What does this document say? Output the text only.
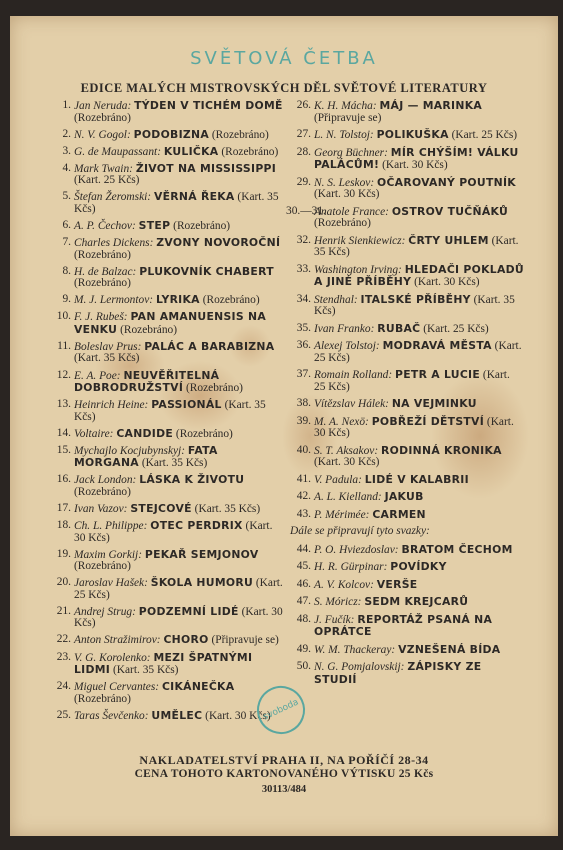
SVĚTOVÁ ČETBA
EDICE MALÝCH MISTROVSKÝCH DĚL SVĚTOVÉ LITERATURY
1. Jan Neruda: TÝDEN V TICHÉM DOMĚ (Rozebráno)
2. N. V. Gogol: PODOBIZNA (Rozebráno)
3. G. de Maupassant: KULIČKA (Rozebráno)
4. Mark Twain: ŽIVOT NA MISSISSIPPI (Kart. 25 Kčs)
5. Štefan Žeromski: VĚRNÁ ŘEKA (Kart. 35 Kčs)
6. A. P. Čechov: STEP (Rozebráno)
7. Charles Dickens: ZVONY NOVOROČNÍ (Rozebráno)
8. H. de Balzac: PLUKOVNÍK CHABERT (Rozebráno)
9. M. J. Lermontov: LYRIKA (Rozebráno)
10. F. J. Rubeš: PAN AMANUENSIS NA VENKU (Rozebráno)
11. Boleslav Prus: PALÁC A BARABIZNA (Kart. 35 Kčs)
12. E. A. Poe: NEUVĚŘITELNÁ DOBRODRUŽSTVÍ (Rozebráno)
13. Heinrich Heine: PASSIONÁL (Kart. 35 Kčs)
14. Voltaire: CANDIDE (Rozebráno)
15. Mychajlo Kocjubynskyj: FATA MORGANA (Kart. 35 Kčs)
16. Jack London: LÁSKA K ŽIVOTU (Rozebráno)
17. Ivan Vazov: STEJCOVÉ (Kart. 35 Kčs)
18. Ch. L. Philippe: OTEC PERDRIX (Kart. 30 Kčs)
19. Maxim Gorkij: PEKAŘ SEMJONOV (Rozebráno)
20. Jaroslav Hašek: ŠKOLA HUMORU (Kart. 25 Kčs)
21. Andrej Strug: PODZEMNÍ LIDÉ (Kart. 30 Kčs)
22. Anton Stražimirov: CHORO (Připravuje se)
23. V. G. Korolenko: MEZI ŠPATNÝMI LIDMI (Kart. 35 Kčs)
24. Miguel Cervantes: CIKÁNEČKA (Rozebráno)
25. Taras Ševčenko: UMĚLEC (Kart. 30 Kčs)
26. K. H. Mácha: MÁJ — MARINKA (Připravuje se)
27. L. N. Tolstoj: POLIKUŠKA (Kart. 25 Kčs)
28. Georg Büchner: MÍR CHÝŠÍM! VÁLKU PALÁCŮM! (Kart. 30 Kčs)
29. N. S. Leskov: OČAROVANÝ POUTNÍK (Kart. 30 Kčs)
30.—31.
Anatole France: OSTROV TUČŇÁKŮ (Rozebráno)
32. Henrik Sienkiewicz: ČRTY UHLEM (Kart. 35 Kčs)
33. Washington Irving: HLEDAČI POKLADŮ A JINÉ PŘÍBĚHY (Kart. 30 Kčs)
34. Stendhal: ITALSKÉ PŘÍBĚHY (Kart. 35 Kčs)
35. Ivan Franko: RUBAČ (Kart. 25 Kčs)
36. Alexej Tolstoj: MODRAVÁ MĚSTA (Kart. 25 Kčs)
37. Romain Rolland: PETR A LUCIE (Kart. 25 Kčs)
38. Vítězslav Hálek: NA VEJMINKU
39. M. A. Nexö: POBŘEŽÍ DĚTSTVÍ (Kart. 30 Kčs)
40. S. T. Aksakov: RODINNÁ KRONIKA (Kart. 30 Kčs)
41. V. Padula: LIDÉ V KALABRII
42. A. L. Kielland: JAKUB
43. P. Mérimée: CARMEN
Dále se připravují tyto svazky:
44. P. O. Hviezdoslav: BRATOM ČECHOM
45. H. R. Gürpinar: POVÍDKY
46. A. V. Kolcov: VERŠE
47. S. Móricz: SEDM KREJCARŮ
48. J. Fučík: REPORTÁŽ PSANÁ NA OPRÁTCE
49. W. M. Thackeray: VZNEŠENÁ BÍDA
50. N. G. Pomjalovskij: ZÁPISKY ZE STUDIÍ
svoboda
NAKLADATELSTVÍ PRAHA II, NA POŘÍČÍ 28-34
CENA TOHOTO KARTONOVANÉHO VÝTISKU 25 Kčs
30113/484
